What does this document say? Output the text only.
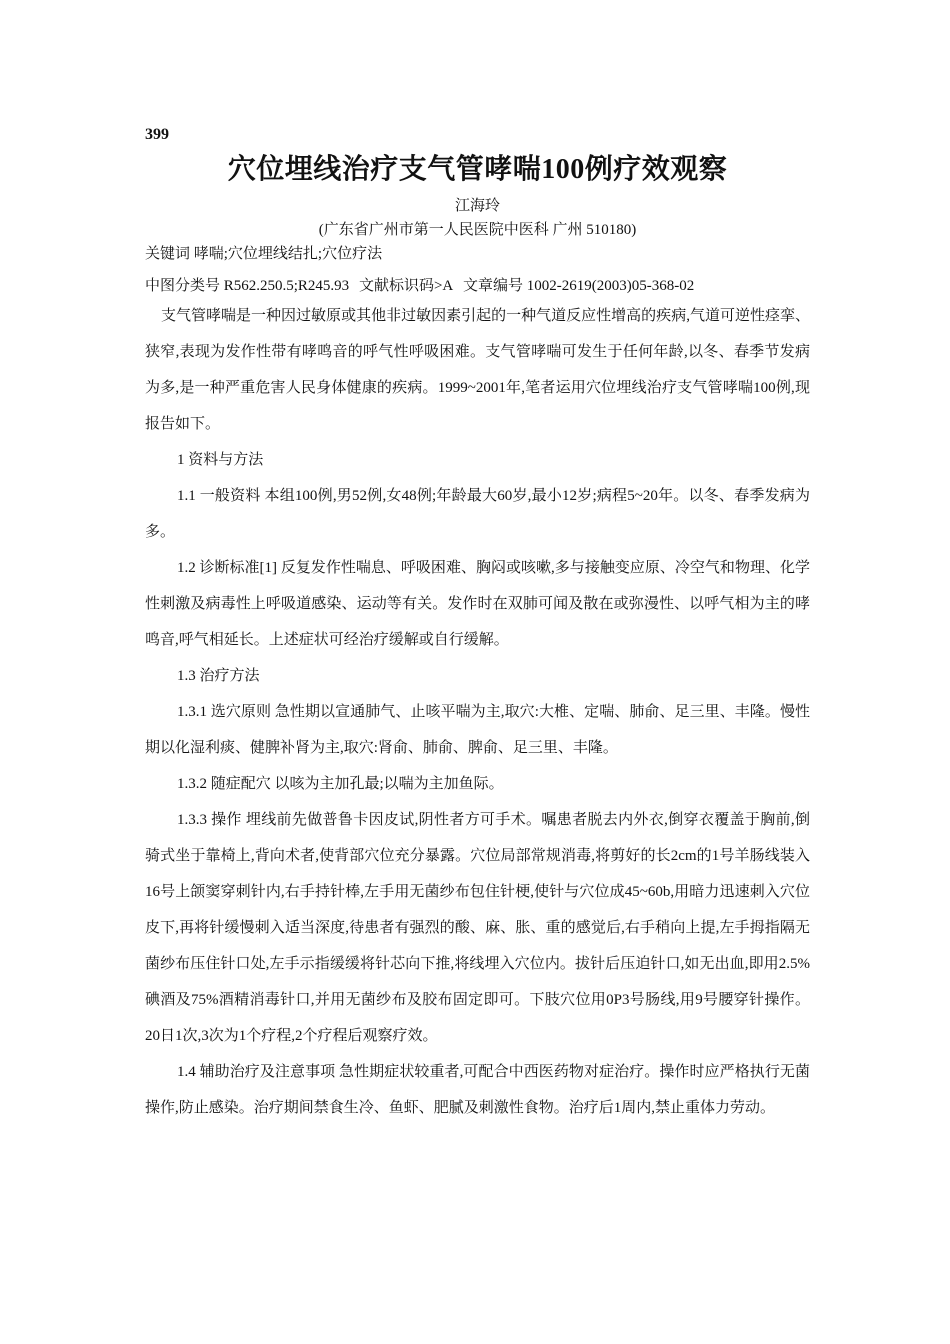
399
穴位埋线治疗支气管哮喘100例疗效观察
江海玲
(广东省广州市第一人民医院中医科 广州 510180)
关键词 哮喘;穴位埋线结扎;穴位疗法
中图分类号 R562.250.5;R245.93 文献标识码>A 文章编号 1002-2619(2003)05-368-02

支气管哮喘是一种因过敏原或其他非过敏因素引起的一种气道反应性增高的疾病,气道可逆性痉挛、狭窄,表现为发作性带有哮鸣音的呼气性呼吸困难。支气管哮喘可发生于任何年龄,以冬、春季节发病为多,是一种严重危害人民身体健康的疾病。1999~2001年,笔者运用穴位埋线治疗支气管哮喘100例,现报告如下。

1 资料与方法

1.1 一般资料 本组100例,男52例,女48例;年龄最大60岁,最小12岁;病程5~20年。以冬、春季发病为多。

1.2 诊断标准[1] 反复发作性喘息、呼吸困难、胸闷或咳嗽,多与接触变应原、冷空气和物理、化学性刺激及病毒性上呼吸道感染、运动等有关。发作时在双肺可闻及散在或弥漫性、以呼气相为主的哮鸣音,呼气相延长。上述症状可经治疗缓解或自行缓解。

1.3 治疗方法

1.3.1 选穴原则 急性期以宣通肺气、止咳平喘为主,取穴:大椎、定喘、肺俞、足三里、丰隆。慢性期以化湿利痰、健脾补肾为主,取穴:肾俞、肺俞、脾俞、足三里、丰隆。

1.3.2 随症配穴 以咳为主加孔最;以喘为主加鱼际。

1.3.3 操作 埋线前先做普鲁卡因皮试,阴性者方可手术。嘱患者脱去内外衣,倒穿衣覆盖于胸前,倒骑式坐于靠椅上,背向术者,使背部穴位充分暴露。穴位局部常规消毒,将剪好的长2cm的1号羊肠线装入16号上颌窦穿刺针内,右手持针棒,左手用无菌纱布包住针梗,使针与穴位成45~60b,用暗力迅速刺入穴位皮下,再将针缓慢刺入适当深度,待患者有强烈的酸、麻、胀、重的感觉后,右手稍向上提,左手拇指隔无菌纱布压住针口处,左手示指缓缓将针芯向下推,将线埋入穴位内。拔针后压迫针口,如无出血,即用2.5%碘酒及75%酒精消毒针口,并用无菌纱布及胶布固定即可。下肢穴位用0P3号肠线,用9号腰穿针操作。20日1次,3次为1个疗程,2个疗程后观察疗效。

1.4 辅助治疗及注意事项 急性期症状较重者,可配合中西医药物对症治疗。操作时应严格执行无菌操作,防止感染。治疗期间禁食生冷、鱼虾、肥腻及刺激性食物。治疗后1周内,禁止重体力劳动。
